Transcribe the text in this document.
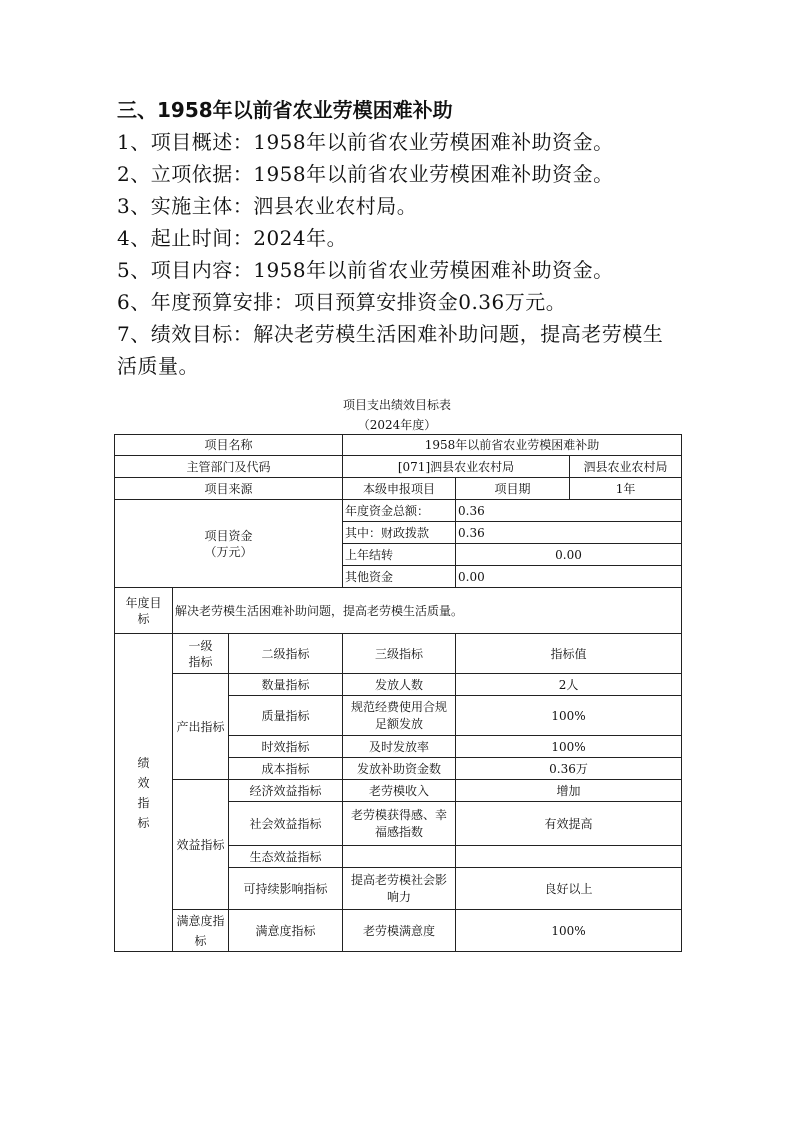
三、1958年以前省农业劳模困难补助
1、项目概述：1958年以前省农业劳模困难补助资金。
2、立项依据：1958年以前省农业劳模困难补助资金。
3、实施主体：泗县农业农村局。
4、起止时间：2024年。
5、项目内容：1958年以前省农业劳模困难补助资金。
6、年度预算安排：项目预算安排资金0.36万元。
7、绩效目标：解决老劳模生活困难补助问题，提高老劳模生
活质量。
项目支出绩效目标表
（2024年度）
项目名称			1958年以前省农业劳模困难补助		
主管部门及代码			[071]泗县农业农村局		泗县农业农村局
项目来源			本级申报项目	项目期	1年

项目资金
（万元）			年度资金总额：	0.36	
			其中：财政拨款	0.36	
			上年结转	0.00	
			其他资金	0.00	
年度目标	解决老劳模生活困难补助问题，提高老劳模生活质量。				
绩效指标	一级指标	二级指标	三级指标	指标值	
	产出指标	数量指标	发放人数	2人	
		质量指标	规范经费使用合规足额发放	100%	
		时效指标	及时发放率	100%	
		成本指标	发放补助资金数	0.36万	
	效益指标	经济效益指标	老劳模收入	增加	
		社会效益指标	老劳模获得感、幸福感指数	有效提高	
		生态效益指标			
		可持续影响指标	提高老劳模社会影响力	良好以上	
	满意度指标	满意度指标	老劳模满意度	100%	
